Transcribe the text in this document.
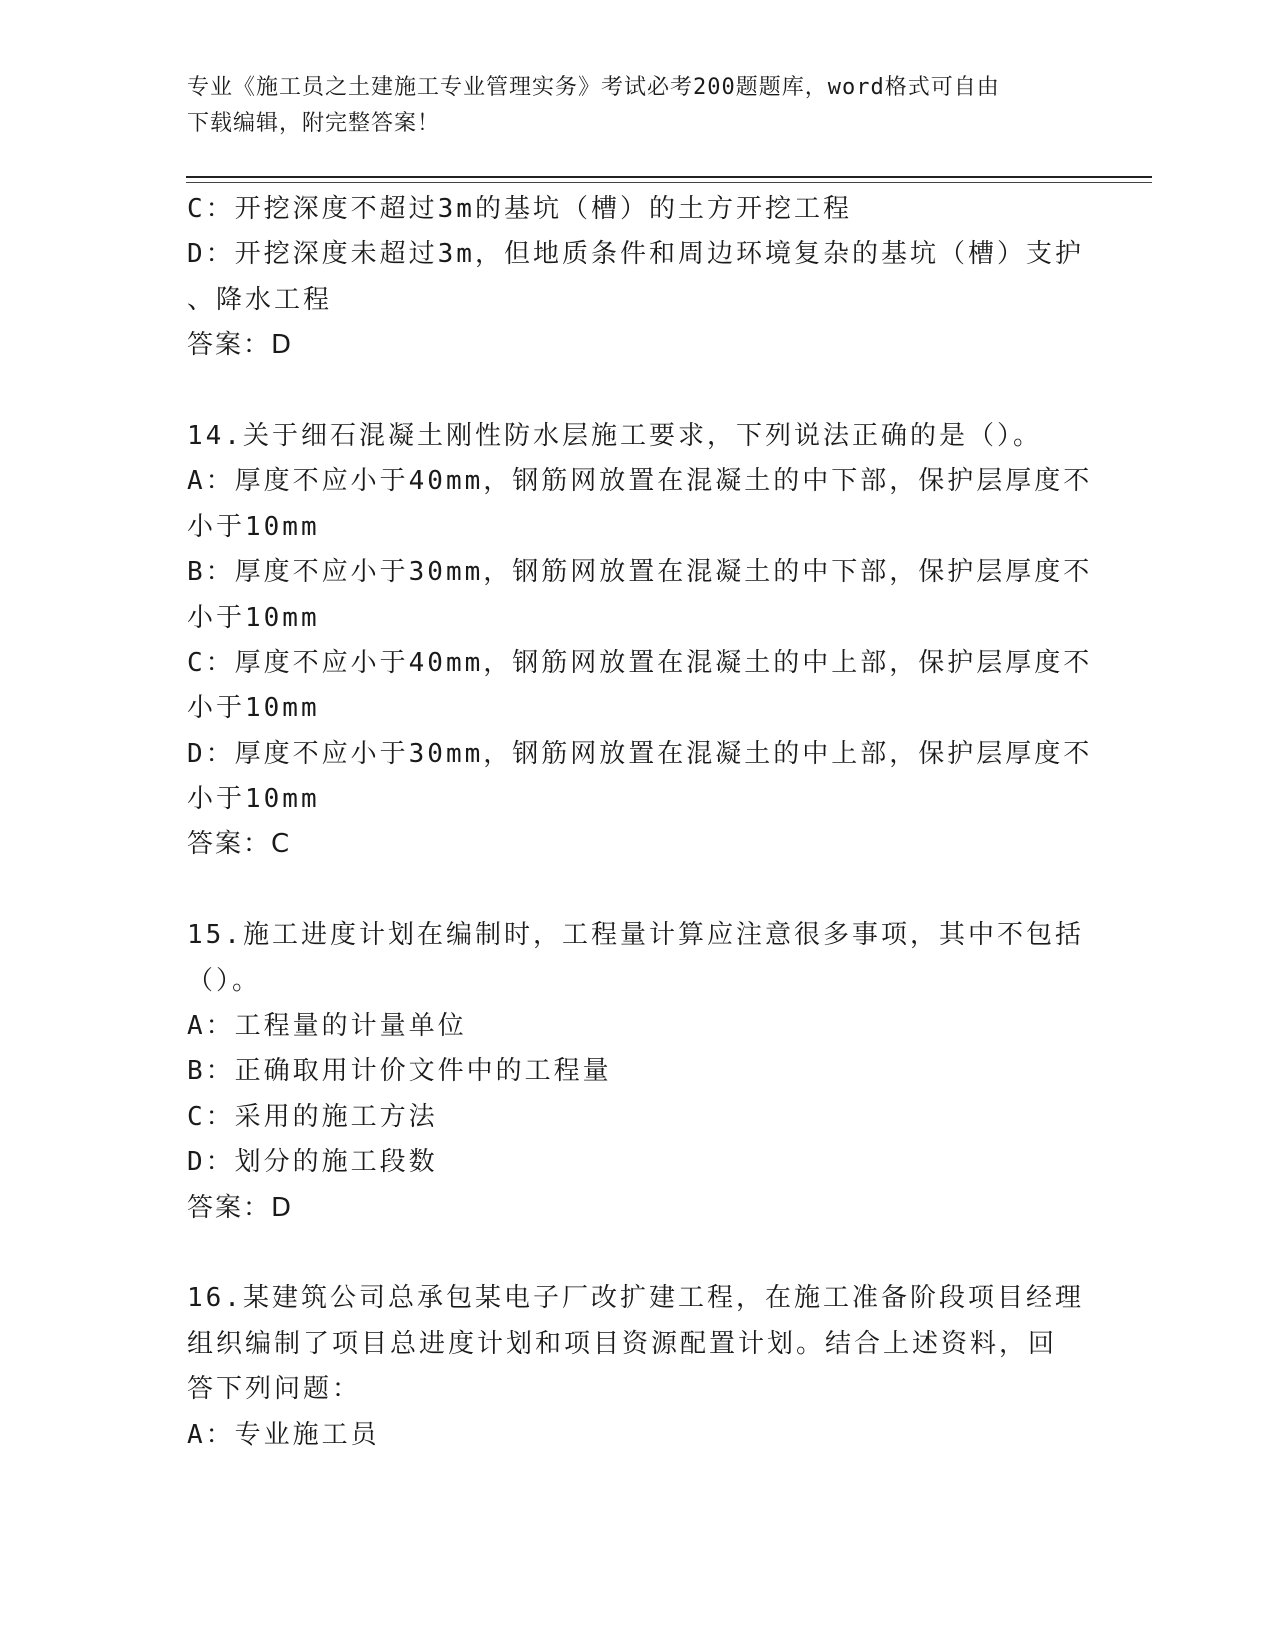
专业《施工员之土建施工专业管理实务》考试必考200题题库，word格式可自由
下载编辑，附完整答案！
C：开挖深度不超过3m的基坑（槽）的土方开挖工程
D：开挖深度未超过3m，但地质条件和周边环境复杂的基坑（槽）支护
、降水工程
答案：D
14.关于细石混凝土刚性防水层施工要求，下列说法正确的是（）。
A：厚度不应小于40mm，钢筋网放置在混凝土的中下部，保护层厚度不
小于10mm
B：厚度不应小于30mm，钢筋网放置在混凝土的中下部，保护层厚度不
小于10mm
C：厚度不应小于40mm，钢筋网放置在混凝土的中上部，保护层厚度不
小于10mm
D：厚度不应小于30mm，钢筋网放置在混凝土的中上部，保护层厚度不
小于10mm
答案：C
15.施工进度计划在编制时，工程量计算应注意很多事项，其中不包括
（）。
A：工程量的计量单位
B：正确取用计价文件中的工程量
C：采用的施工方法
D：划分的施工段数
答案：D
16.某建筑公司总承包某电子厂改扩建工程，在施工准备阶段项目经理
组织编制了项目总进度计划和项目资源配置计划。结合上述资料，回
答下列问题：
A：专业施工员
